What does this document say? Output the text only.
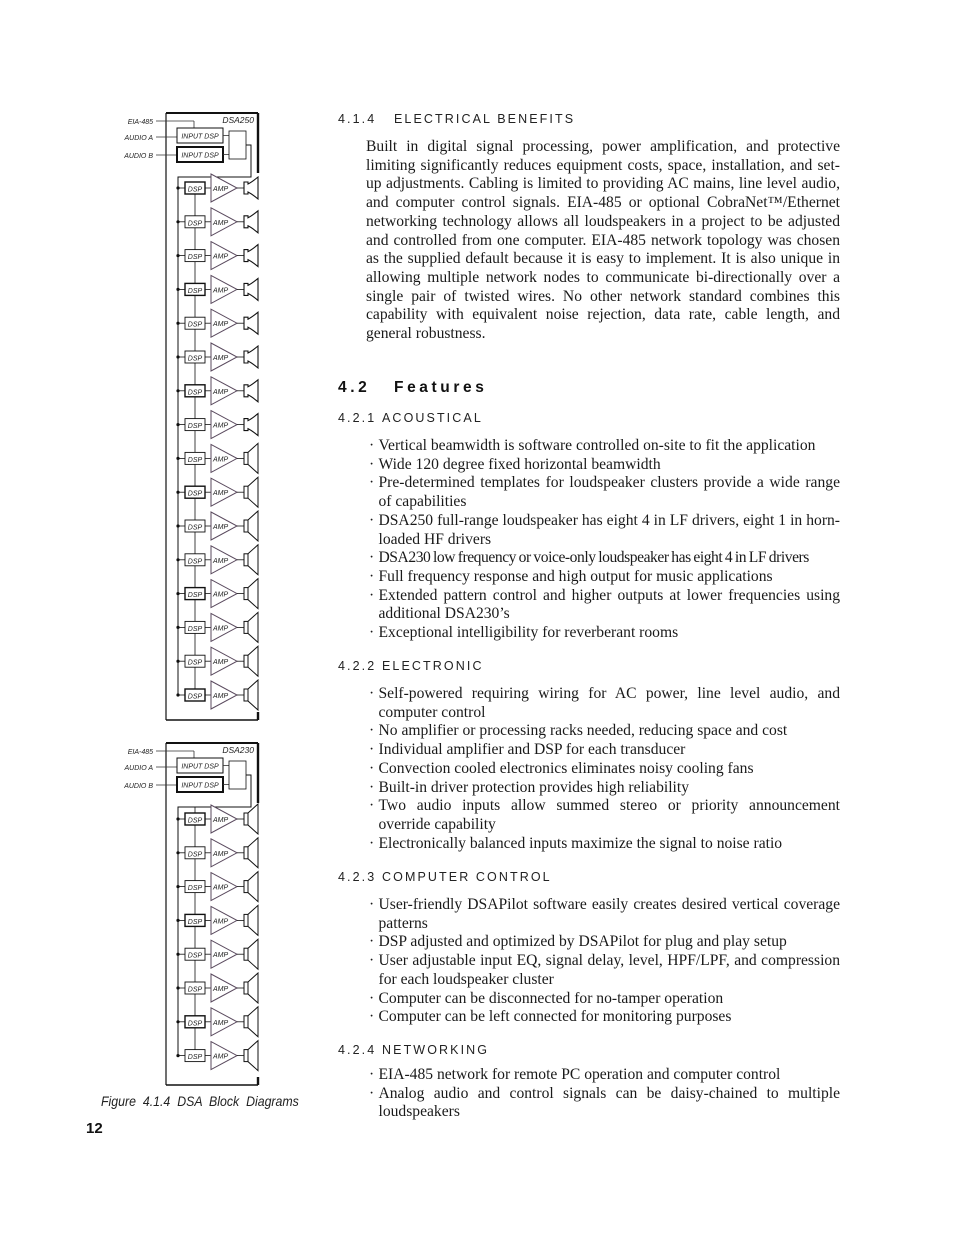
DSA250
EIA-485
AUDIO A
AUDIO B
INPUT DSP
INPUT DSP
DSP AMP
DSP AMP
DSP AMP
DSP AMP
DSP AMP
DSP AMP
DSP AMP
DSP AMP
DSP AMP
DSP AMP
DSP AMP
DSP AMP
DSP AMP
DSP AMP
DSP AMP
DSP AMP
DSA230
EIA-485
AUDIO A
AUDIO B
INPUT DSP
INPUT DSP
DSP AMP
DSP AMP
DSP AMP
DSP AMP
DSP AMP
DSP AMP
DSP AMP
DSP AMP
Figure 4.1.4 DSA Block Diagrams
12
4.1.4 ELECTRICAL BENEFITS
Built in digital signal processing, power amplification, and protective limiting significantly reduces equipment costs, space, installation, and set-up adjustments. Cabling is limited to providing AC mains, line level audio, and computer control signals. EIA-485 or optional CobraNet™/Ethernet networking technology allows all loudspeakers in a project to be adjusted and controlled from one computer. EIA-485 network topology was chosen as the supplied default because it is easy to implement. It is also unique in allowing multiple network nodes to communicate bi-directionally over a single pair of twisted wires. No other network standard combines this capability with equivalent noise rejection, data rate, cable length, and general robustness.
4.2 Features
4.2.1 ACOUSTICAL
· Vertical beamwidth is software controlled on-site to fit the application
· Wide 120 degree fixed horizontal beamwidth
· Pre-determined templates for loudspeaker clusters provide a wide range of capabilities
· DSA250 full-range loudspeaker has eight 4 in LF drivers, eight 1 in horn-loaded HF drivers
· DSA230 low frequency or voice-only loudspeaker has eight 4 in LF drivers
· Full frequency response and high output for music applications
· Extended pattern control and higher outputs at lower frequencies using additional DSA230’s
· Exceptional intelligibility for reverberant rooms
4.2.2 ELECTRONIC
· Self-powered requiring wiring for AC power, line level audio, and computer control
· No amplifier or processing racks needed, reducing space and cost
· Individual amplifier and DSP for each transducer
· Convection cooled electronics eliminates noisy cooling fans
· Built-in driver protection provides high reliability
· Two audio inputs allow summed stereo or priority announcement override capability
· Electronically balanced inputs maximize the signal to noise ratio
4.2.3 COMPUTER CONTROL
· User-friendly DSAPilot software easily creates desired vertical coverage patterns
· DSP adjusted and optimized by DSAPilot for plug and play setup
· User adjustable input EQ, signal delay, level, HPF/LPF, and compression for each loudspeaker cluster
· Computer can be disconnected for no-tamper operation
· Computer can be left connected for monitoring purposes
4.2.4 NETWORKING
· EIA-485 network for remote PC operation and computer control
· Analog audio and control signals can be daisy-chained to multiple loudspeakers
